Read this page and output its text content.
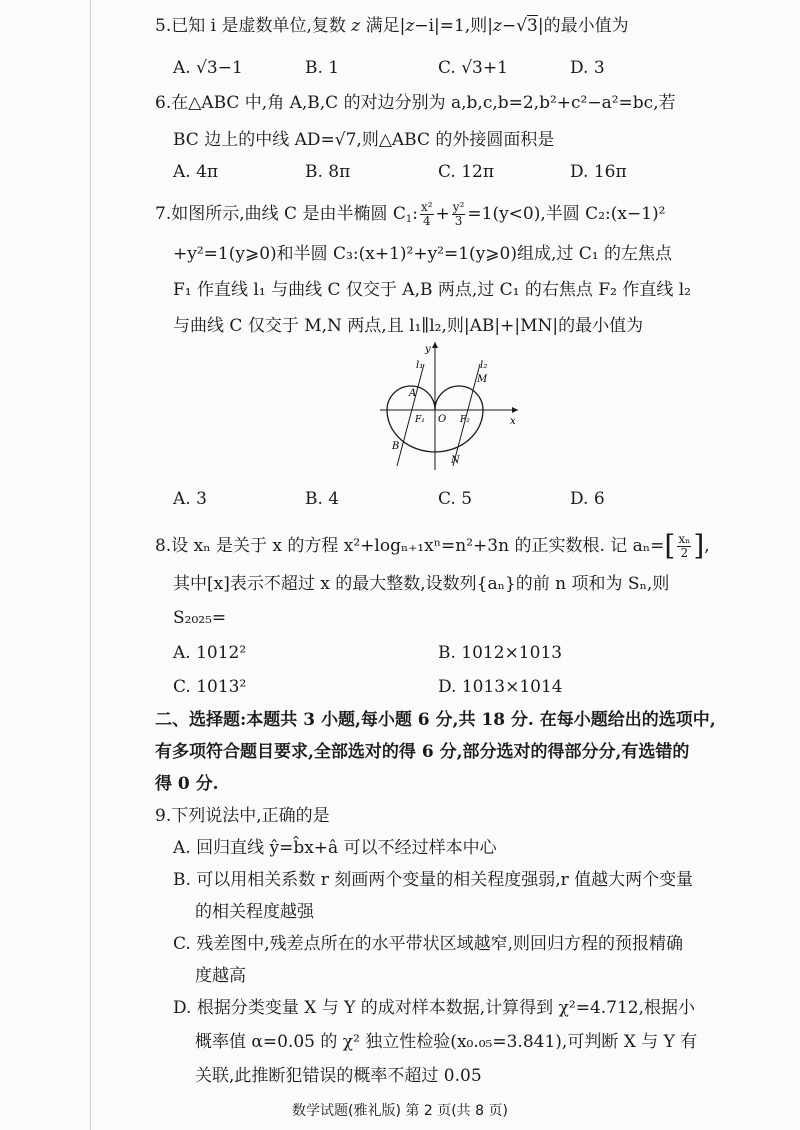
5.已知 i 是虚数单位,复数 z 满足|z−i|=1,则|z−√3|的最小值为
A. √3−1	B. 1	C. √3+1	D. 3
6.在△ABC 中,角 A,B,C 的对边分别为 a,b,c,b=2,b²+c²−a²=bc,若
BC 边上的中线 AD=√7,则△ABC 的外接圆面积是
A. 4π	B. 8π	C. 12π	D. 16π
7.如图所示,曲线 C 是由半椭圆 $C_1$: $\frac{\text{x²}}{4} + \frac{\text{y²}}{3} =1(y<0)$,半圆 C₂:(x−1)²
+y²=1(y⩾0)和半圆 C₃:(x+1)²+y²=1(y⩾0)组成,过 C₁ 的左焦点
F₁ 作直线 l₁ 与曲线 C 仅交于 A,B 两点,过 C₁ 的右焦点 F₂ 作直线 l₂
与曲线 C 仅交于 M,N 两点,且 l₁∥l₂,则|AB|+|MN|的最小值为
y
x
l₁	l₂
A
B
M
N
F₁ O F₂
A. 3	B. 4	C. 5	D. 6
8.设 xₙ 是关于 x 的方程 x²+logₙ₊₁xⁿ=n²+3n 的正实数根. 记 $a_n=[ \frac{\text{xₙ}}{2}$ ],
其中[x]表示不超过 x 的最大整数,设数列{aₙ}的前 n 项和为 Sₙ,则
S₂₀₂₅=
A. 1012²	B. 1012×1013
C. 1013²	D. 1013×1014
二、选择题:本题共 3 小题,每小题 6 分,共 18 分. 在每小题给出的选项中,
有多项符合题目要求,全部选对的得 6 分,部分选对的得部分分,有选错的
得 0 分.
9.下列说法中,正确的是
A. 回归直线 ŷ=b̂x+â 可以不经过样本中心
B. 可以用相关系数 r 刻画两个变量的相关程度强弱,r 值越大两个变量
的相关程度越强
C. 残差图中,残差点所在的水平带状区域越窄,则回归方程的预报精确
度越高
D. 根据分类变量 X 与 Y 的成对样本数据,计算得到 χ²=4.712,根据小
概率值 α=0.05 的 χ² 独立性检验(x₀.₀₅=3.841),可判断 X 与 Y 有
关联,此推断犯错误的概率不超过 0.05
数学试题(雅礼版) 第 2 页(共 8 页)
